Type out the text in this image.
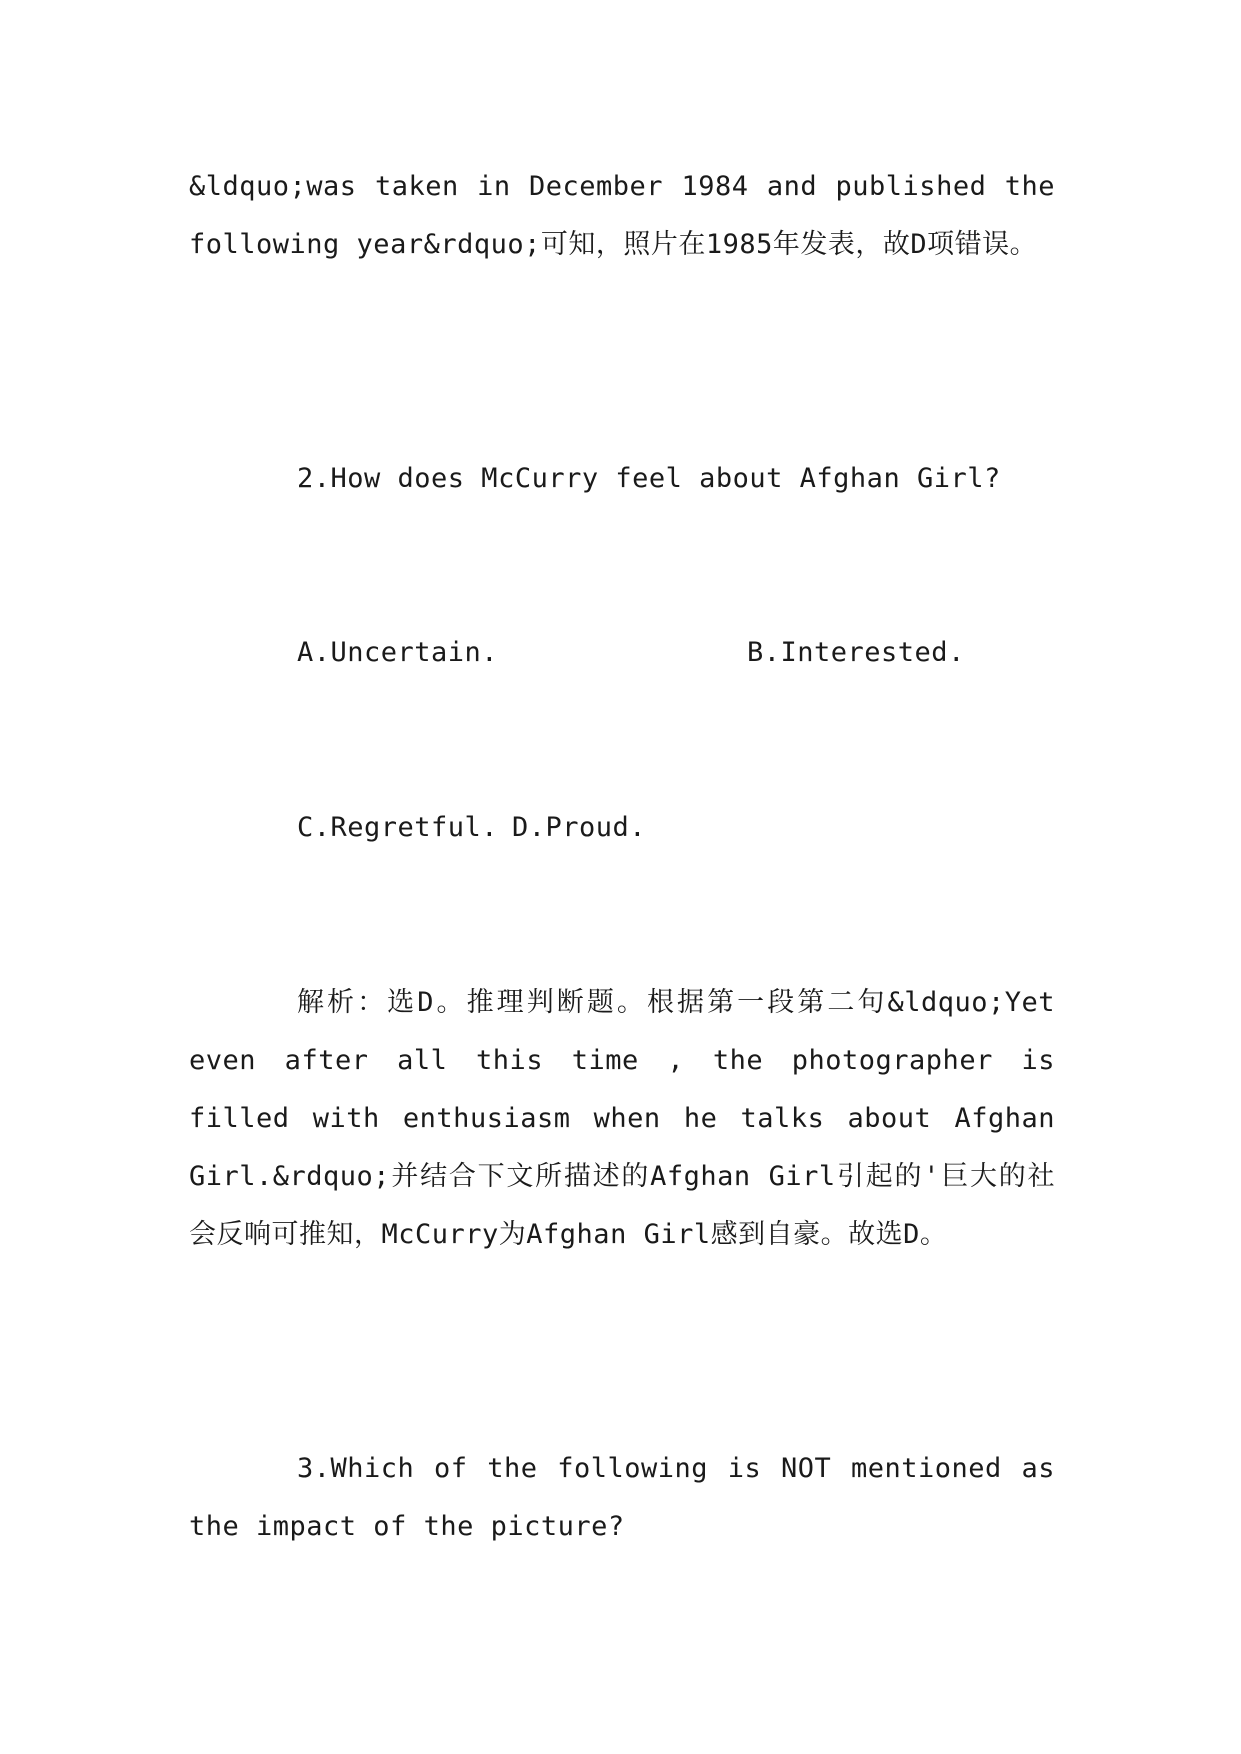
&ldquo;was taken in December 1984 and published the following year&rdquo;可知，照片在1985年发表，故D项错误。

2.How does McCurry feel about Afghan Girl?

A.Uncertain.	B.Interested.
C.Regretful. D.Proud.

解析：选D。推理判断题。根据第一段第二句&ldquo;Yet even after all this time , the photographer is filled with enthusiasm when he talks about Afghan Girl.&rdquo;并结合下文所描述的Afghan Girl引起的'巨大的社会反响可推知，McCurry为Afghan Girl感到自豪。故选D。

3.Which of the following is NOT mentioned as the impact of the picture?
